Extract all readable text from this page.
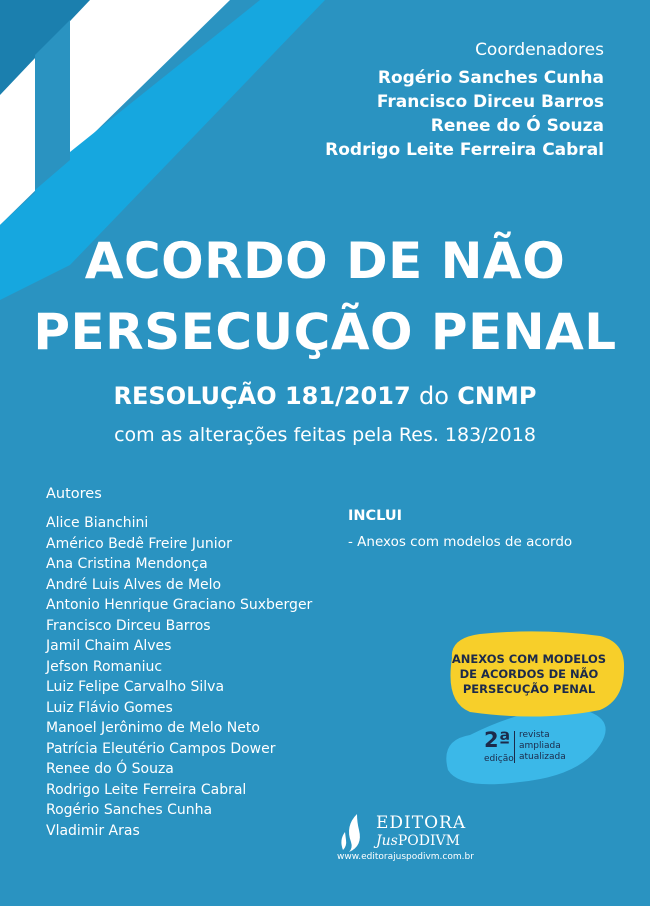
Coordenadores
Rogério Sanches Cunha
Francisco Dirceu Barros
Renee do Ó Souza
Rodrigo Leite Ferreira Cabral
ACORDO DE NÃO
PERSECUÇÃO PENAL
RESOLUÇÃO 181/2017 do CNMP
com as alterações feitas pela Res. 183/2018
Autores
Alice Bianchini
Américo Bedê Freire Junior
Ana Cristina Mendonça
André Luis Alves de Melo
Antonio Henrique Graciano Suxberger
Francisco Dirceu Barros
Jamil Chaim Alves
Jefson Romaniuc
Luiz Felipe Carvalho Silva
Luiz Flávio Gomes
Manoel Jerônimo de Melo Neto
Patrícia Eleutério Campos Dower
Renee do Ó Souza
Rodrigo Leite Ferreira Cabral
Rogério Sanches Cunha
Vladimir Aras
INCLUI
- Anexos com modelos de acordo
ANEXOS COM MODELOS
DE ACORDOS DE NÃO
PERSECUÇÃO PENAL
2ª
edição
revista
ampliada
atualizada
EDITORA
JusPODIVM
www.editorajuspodivm.com.br
